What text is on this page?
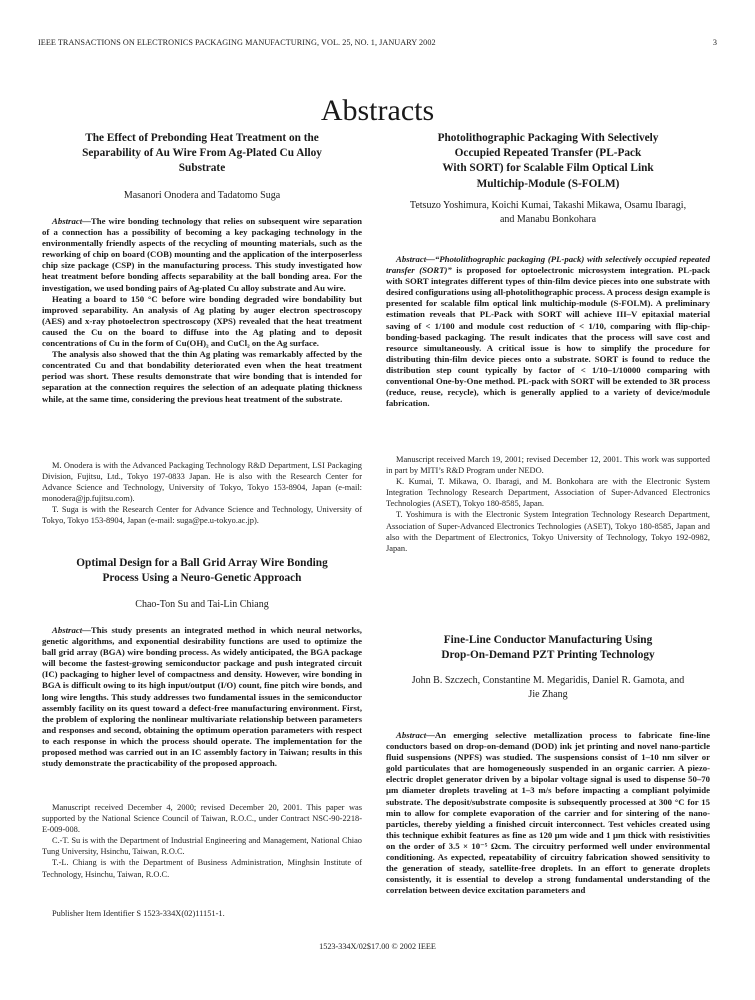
IEEE TRANSACTIONS ON ELECTRONICS PACKAGING MANUFACTURING, VOL. 25, NO. 1, JANUARY 2002	3
Abstracts
The Effect of Prebonding Heat Treatment on the
Separability of Au Wire From Ag-Plated Cu Alloy
Substrate

Masanori Onodera and Tadatomo Suga

Abstract—The wire bonding technology that relies on subsequent wire separation of a connection has a possibility of becoming a key packaging technology in the environmentally friendly aspects of the recycling of mounting materials, such as the reworking of chip on board (COB) mounting and the application of the interposerless chip size package (CSP) in the manufacturing process. This study investigated how heat treatment before bonding affects separability at the ball bonding area. For the investigation, we used bonding pairs of Ag-plated Cu alloy substrate and Au wire.

Heating a board to 150 °C before wire bonding degraded wire bondability but improved separability. An analysis of Ag plating by auger electron spectroscopy (AES) and x-ray photoelectron spectroscopy (XPS) revealed that the heat treatment caused the Cu on the board to diffuse into the Ag plating and to deposit concentrations of Cu in the form of Cu(OH)₂ and CuCl₂ on the Ag surface.

The analysis also showed that the thin Ag plating was remarkably affected by the concentrated Cu and that bondability deteriorated even when the heat treatment period was short. These results demonstrate that wire bonding that is intended for separation at the connection requires the selection of an adequate plating thickness while, at the same time, considering the previous heat treatment of the substrate.

M. Onodera is with the Advanced Packaging Technology R&D Department, LSI Packaging Division, Fujitsu, Ltd., Tokyo 197-0833 Japan. He is also with the Research Center for Advance Science and Technology, University of Tokyo, Tokyo 153-8904, Japan (e-mail: monodera@jp.fujitsu.com).

T. Suga is with the Research Center for Advance Science and Technology, University of Tokyo, Tokyo 153-8904, Japan (e-mail: suga@pe.u-tokyo.ac.jp).

Optimal Design for a Ball Grid Array Wire Bonding
Process Using a Neuro-Genetic Approach

Chao-Ton Su and Tai-Lin Chiang

Abstract—This study presents an integrated method in which neural networks, genetic algorithms, and exponential desirability functions are used to optimize the ball grid array (BGA) wire bonding process. As widely anticipated, the BGA package will become the fastest-growing semiconductor package and push integrated circuit (IC) packaging to higher level of compactness and density. However, wire bonding in BGA is difficult owing to its high input/output (I/O) count, fine pitch wire bonds, and long wire lengths. This study addresses two fundamental issues in the semiconductor assembly facility on its quest toward a defect-free manufacturing environment. First, the problem of exploring the nonlinear multivariate relationship between parameters and responses and second, obtaining the optimum operation parameters with respect to each response in which the process should operate. The implementation for the proposed method was carried out in an IC assembly factory in Taiwan; results in this study demonstrate the practicability of the proposed approach.

Manuscript received December 4, 2000; revised December 20, 2001. This paper was supported by the National Science Council of Taiwan, R.O.C., under Contract NSC-90-2218-E-009-008.

C.-T. Su is with the Department of Industrial Engineering and Management, National Chiao Tung University, Hsinchu, Taiwan, R.O.C.

T.-L. Chiang is with the Department of Business Administration, Minghsin Institute of Technology, Hsinchu, Taiwan, R.O.C.

Publisher Item Identifier S 1523-334X(02)11151-1.

Photolithographic Packaging With Selectively
Occupied Repeated Transfer (PL-Pack
With SORT) for Scalable Film Optical Link
Multichip-Module (S-FOLM)

Tetsuzo Yoshimura, Koichi Kumai, Takashi Mikawa, Osamu Ibaragi,
and Manabu Bonkohara

Abstract—“Photolithographic packaging (PL-pack) with selectively occupied repeated transfer (SORT)” is proposed for optoelectronic microsystem integration. PL-pack with SORT integrates different types of thin-film device pieces into one substrate with desired configurations using all-photolithographic process. A process design example is presented for scalable film optical link multichip-module (S-FOLM). A preliminary estimation reveals that PL-Pack with SORT will achieve III–V epitaxial material saving of < 1/100 and module cost reduction of < 1/10, comparing with flip-chip-bonding-based packaging. The result indicates that the process will save cost and resource simultaneously. A critical issue is how to simplify the procedure for distributing thin-film device pieces onto a substrate. SORT is found to reduce the distribution step count typically by factor of < 1/10–1/10000 comparing with conventional One-by-One method. PL-pack with SORT will be extended to 3R process (reduce, reuse, recycle), which is generally applied to a variety of device/module fabrication.

Manuscript received March 19, 2001; revised December 12, 2001. This work was supported in part by MITI’s R&D Program under NEDO.

K. Kumai, T. Mikawa, O. Ibaragi, and M. Bonkohara are with the Electronic System Integration Technology Research Department, Association of Super-Advanced Electronics Technologies (ASET), Tokyo 180-8585, Japan.

T. Yoshimura is with the Electronic System Integration Technology Research Department, Association of Super-Advanced Electronics Technologies (ASET), Tokyo 180-8585, Japan and also with the Department of Electronics, Tokyo University of Technology, Tokyo 192-0982, Japan.

Fine-Line Conductor Manufacturing Using
Drop-On-Demand PZT Printing Technology

John B. Szczech, Constantine M. Megaridis, Daniel R. Gamota, and
Jie Zhang

Abstract—An emerging selective metallization process to fabricate fine-line conductors based on drop-on-demand (DOD) ink jet printing and novel nano-particle fluid suspensions (NPFS) was studied. The suspensions consist of 1–10 nm silver or gold particulates that are homogeneously suspended in an organic carrier. A piezo-electric droplet generator driven by a bipolar voltage signal is used to dispense 50–70 μm diameter droplets traveling at 1–3 m/s before impacting a compliant polyimide substrate. The deposit/substrate composite is subsequently processed at 300 °C for 15 min to allow for complete evaporation of the carrier and for sintering of the nano-particles, thereby yielding a finished circuit interconnect. Test vehicles created using this technique exhibit features as fine as 120 μm wide and 1 μm thick with resistivities on the order of 3.5 × 10⁻⁵ Ωcm. The circuitry performed well under environmental conditioning. As expected, repeatability of circuitry fabrication showed sensitivity to the generation of steady, satellite-free droplets. In an effort to generate droplets consistently, it is essential to develop a strong fundamental understanding of the correlation between device excitation parameters and

1523-334X/02$17.00 © 2002 IEEE
